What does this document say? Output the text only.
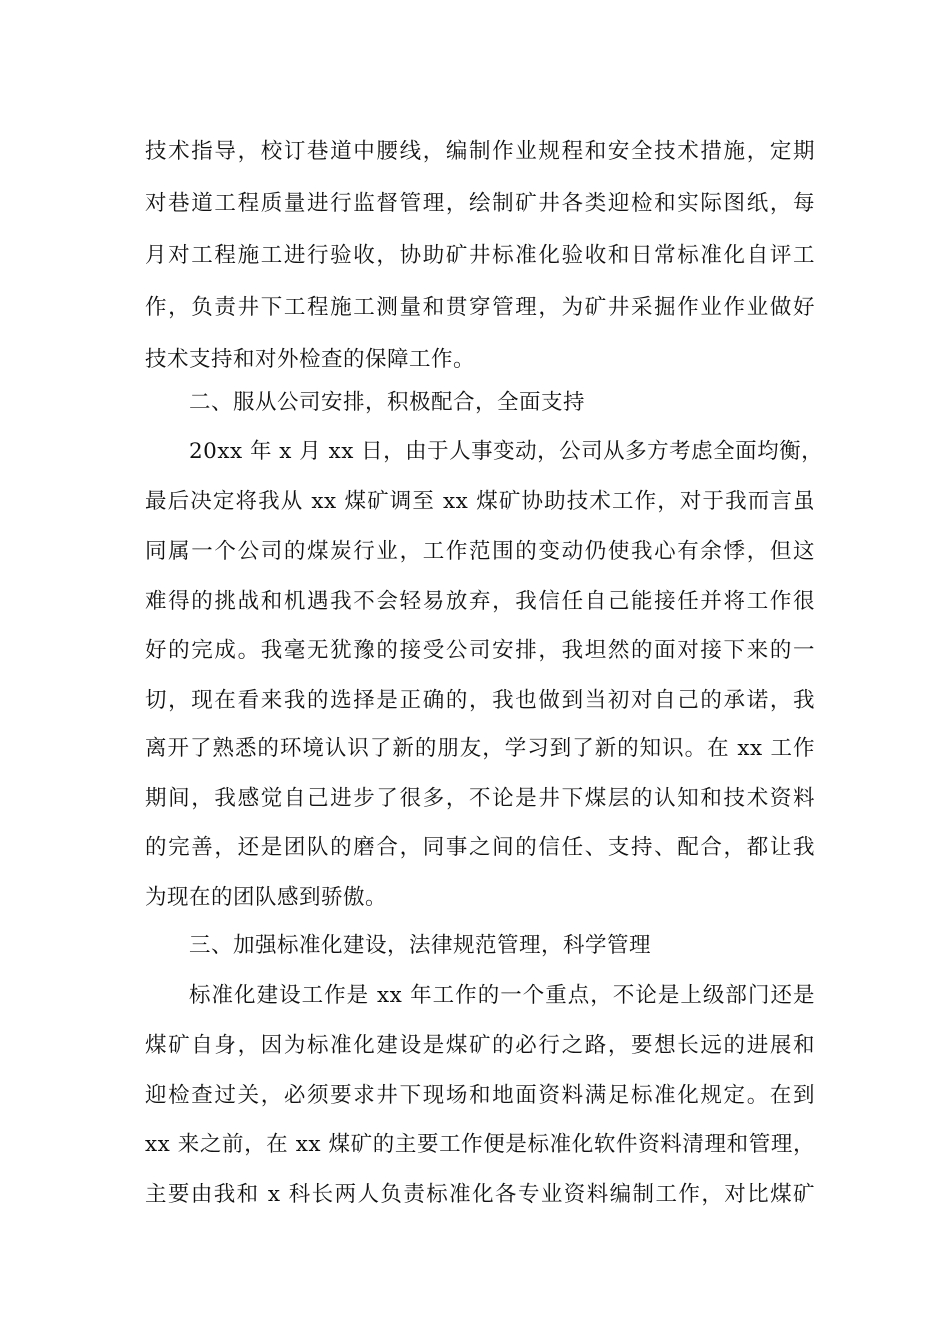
技术指导，校订巷道中腰线，编制作业规程和安全技术措施，定期
对巷道工程质量进行监督管理，绘制矿井各类迎检和实际图纸，每
月对工程施工进行验收，协助矿井标准化验收和日常标准化自评工
作，负责井下工程施工测量和贯穿管理，为矿井采掘作业作业做好
技术支持和对外检查的保障工作。
二、服从公司安排，积极配合，全面支持
20xx 年 x 月 xx 日，由于人事变动，公司从多方考虑全面均衡，
最后决定将我从 xx 煤矿调至 xx 煤矿协助技术工作，对于我而言虽
同属一个公司的煤炭行业，工作范围的变动仍使我心有余悸，但这
难得的挑战和机遇我不会轻易放弃，我信任自己能接任并将工作很
好的完成。我毫无犹豫的接受公司安排，我坦然的面对接下来的一
切，现在看来我的选择是正确的，我也做到当初对自己的承诺，我
离开了熟悉的环境认识了新的朋友，学习到了新的知识。在 xx 工作
期间，我感觉自己进步了很多，不论是井下煤层的认知和技术资料
的完善，还是团队的磨合，同事之间的信任、支持、配合，都让我
为现在的团队感到骄傲。
三、加强标准化建设，法律规范管理，科学管理
标准化建设工作是 xx 年工作的一个重点，不论是上级部门还是
煤矿自身，因为标准化建设是煤矿的必行之路，要想长远的进展和
迎检查过关，必须要求井下现场和地面资料满足标准化规定。在到
xx 来之前，在 xx 煤矿的主要工作便是标准化软件资料清理和管理，
主要由我和 x 科长两人负责标准化各专业资料编制工作，对比煤矿
